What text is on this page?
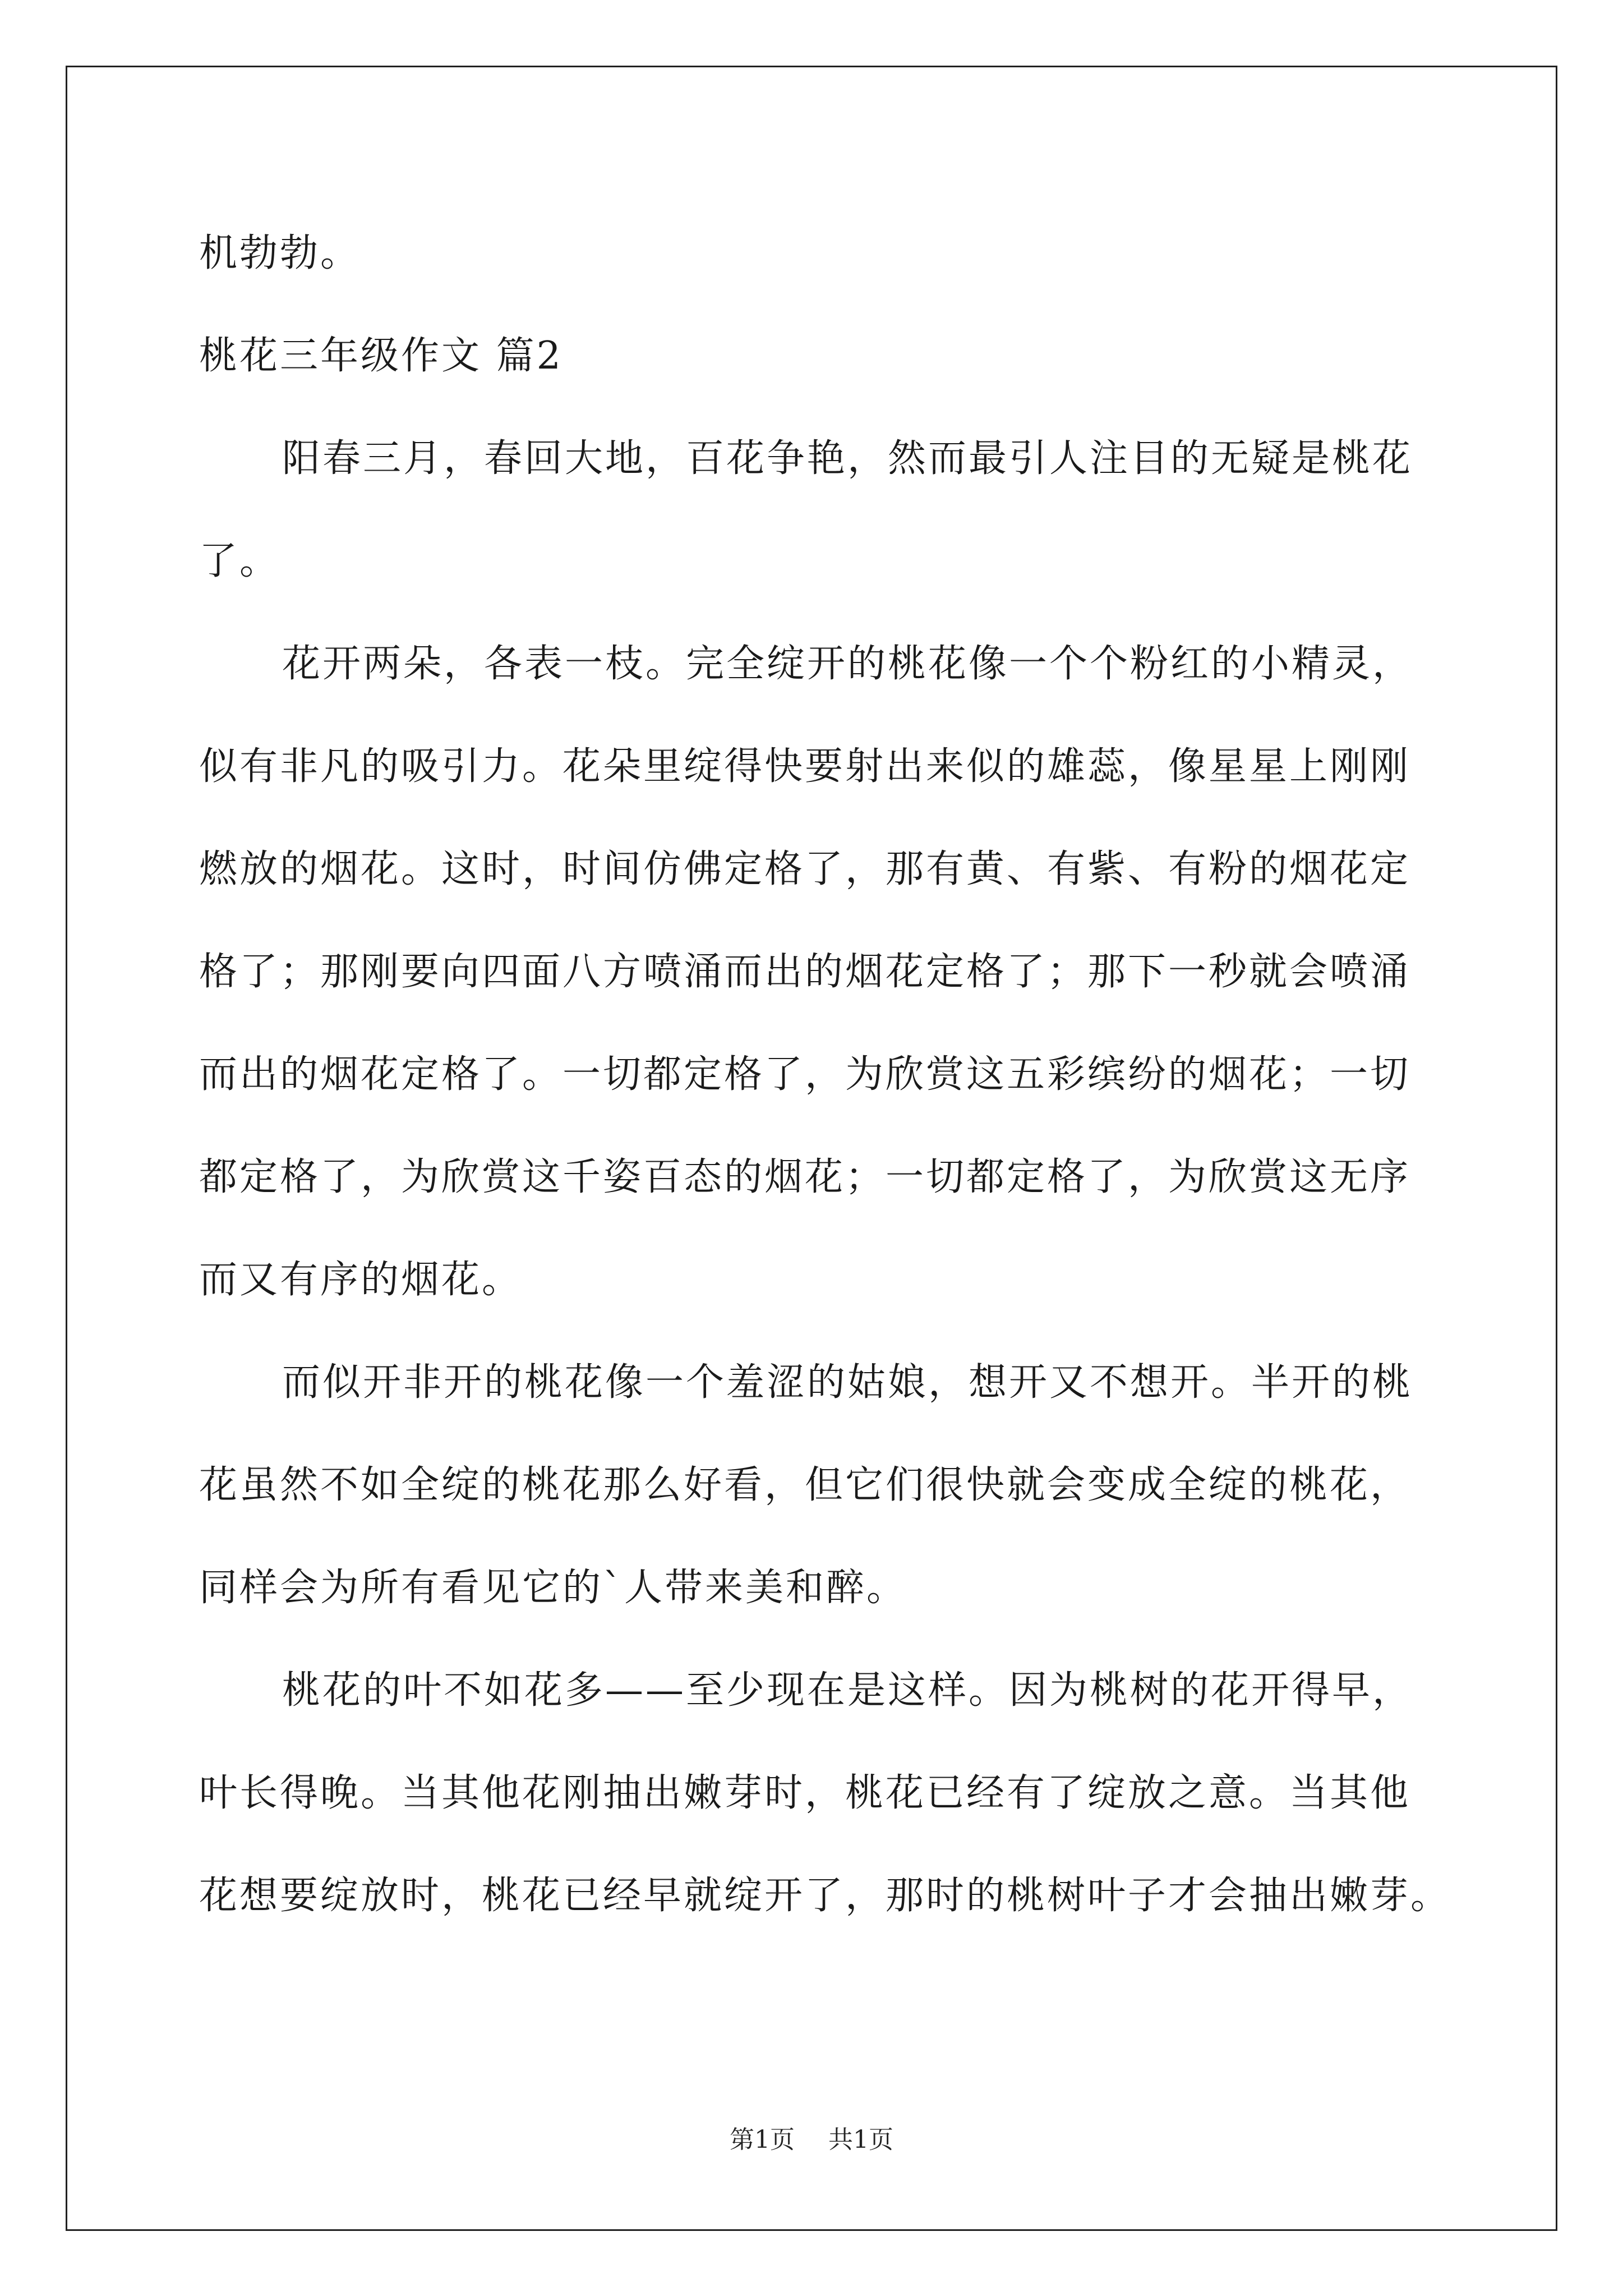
机勃勃。
桃花三年级作文 篇2
阳春三月，春回大地，百花争艳，然而最引人注目的无疑是桃花
了。
花开两朵，各表一枝。完全绽开的桃花像一个个粉红的小精灵，
似有非凡的吸引力。花朵里绽得快要射出来似的雄蕊，像星星上刚刚
燃放的烟花。这时，时间仿佛定格了，那有黄、有紫、有粉的烟花定
格了；那刚要向四面八方喷涌而出的烟花定格了；那下一秒就会喷涌
而出的烟花定格了。一切都定格了，为欣赏这五彩缤纷的烟花；一切
都定格了，为欣赏这千姿百态的烟花；一切都定格了，为欣赏这无序
而又有序的烟花。
而似开非开的桃花像一个羞涩的姑娘，想开又不想开。半开的桃
花虽然不如全绽的桃花那么好看，但它们很快就会变成全绽的桃花，
同样会为所有看见它的`人带来美和醉。
桃花的叶不如花多——至少现在是这样。因为桃树的花开得早，
叶长得晚。当其他花刚抽出嫩芽时，桃花已经有了绽放之意。当其他
花想要绽放时，桃花已经早就绽开了，那时的桃树叶子才会抽出嫩芽。
第1页 共1页
